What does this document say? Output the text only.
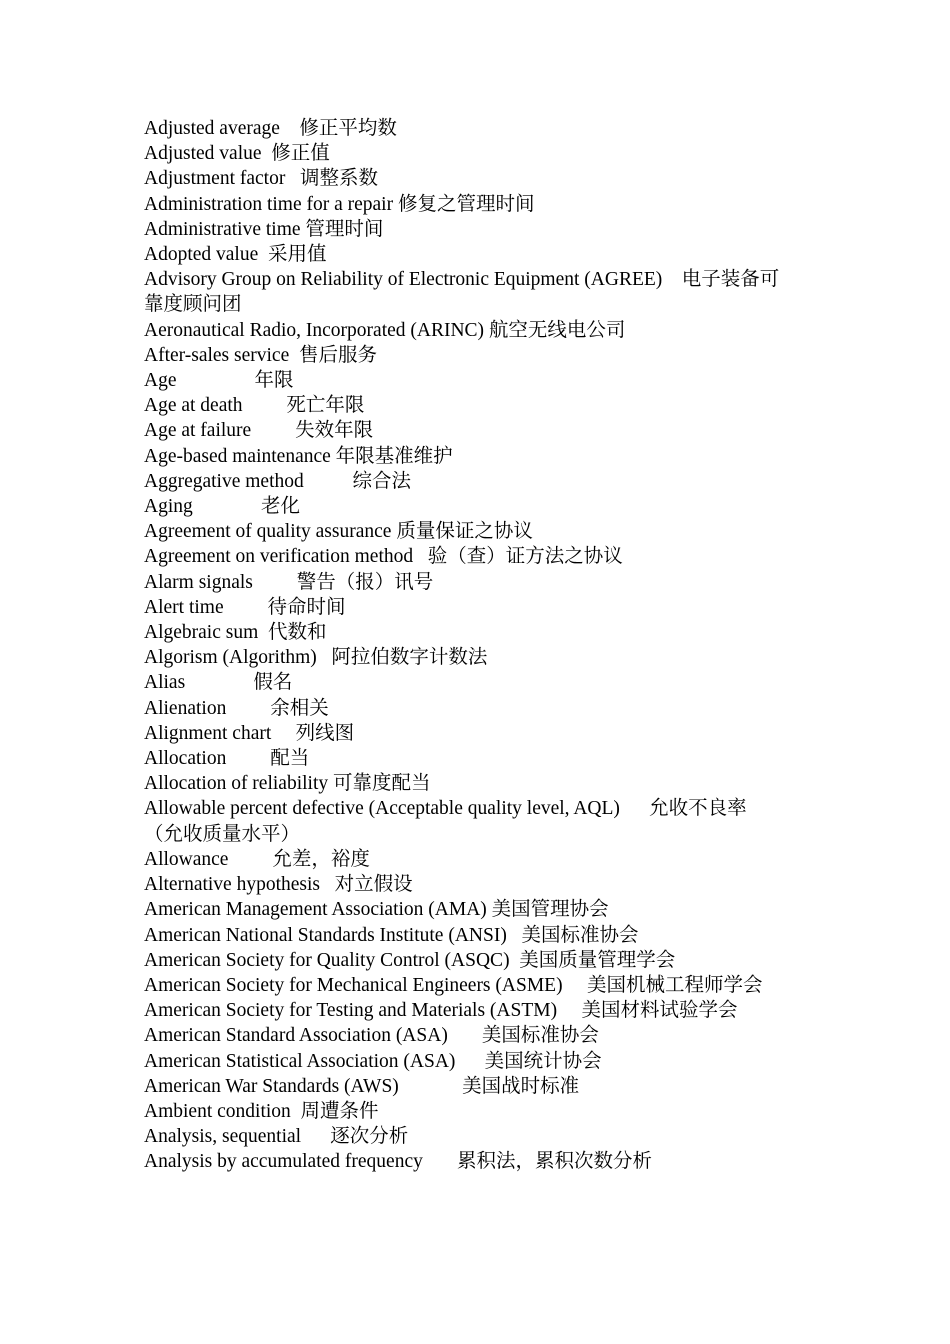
Adjusted average    修正平均数

Adjusted value  修正值

Adjustment factor   调整系数

Administration time for a repair 修复之管理时间

Administrative time 管理时间

Adopted value  采用值

Advisory Group on Reliability of Electronic Equipment (AGREE)    电子装备可靠度顾问团

Aeronautical Radio, Incorporated (ARINC) 航空无线电公司

After-sales service  售后服务

Age                年限

Age at death         死亡年限

Age at failure         失效年限

Age-based maintenance 年限基准维护

Aggregative method          综合法

Aging              老化

Agreement of quality assurance 质量保证之协议

Agreement on verification method   验（查）证方法之协议

Alarm signals         警告（报）讯号

Alert time         待命时间

Algebraic sum  代数和

Algorism (Algorithm)   阿拉伯数字计数法

Alias              假名

Alienation         余相关

Alignment chart     列线图

Allocation         配当

Allocation of reliability 可靠度配当

Allowable percent defective (Acceptable quality level, AQL)      允收不良率（允收质量水平）

Allowance         允差，裕度

Alternative hypothesis   对立假设

American Management Association (AMA) 美国管理协会

American National Standards Institute (ANSI)   美国标准协会

American Society for Quality Control (ASQC)  美国质量管理学会

American Society for Mechanical Engineers (ASME)     美国机械工程师学会

American Society for Testing and Materials (ASTM)     美国材料试验学会

American Standard Association (ASA)       美国标准协会

American Statistical Association (ASA)      美国统计协会

American War Standards (AWS)             美国战时标准

Ambient condition  周遭条件

Analysis, sequential      逐次分析

Analysis by accumulated frequency       累积法，累积次数分析
